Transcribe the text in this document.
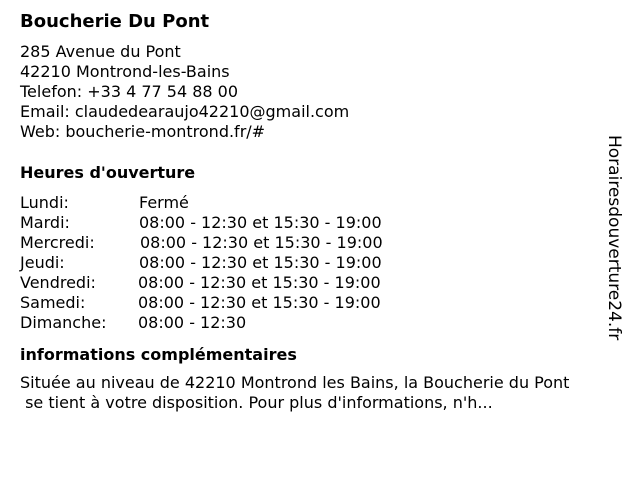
Boucherie Du Pont
285 Avenue du Pont
42210 Montrond-les-Bains
Telefon: +33 4 77 54 88 00
Email: claudedearaujo42210@gmail.com
Web: boucherie-montrond.fr/#
Heures d'ouverture
Lundi:	Fermé
Mardi:	08:00 - 12:30 et 15:30 - 19:00
Mercredi:	08:00 - 12:30 et 15:30 - 19:00
Jeudi:	08:00 - 12:30 et 15:30 - 19:00
Vendredi:	08:00 - 12:30 et 15:30 - 19:00
Samedi:	08:00 - 12:30 et 15:30 - 19:00
Dimanche: 08:00 - 12:30
informations complémentaires
Située au niveau de 42210 Montrond les Bains, la Boucherie du Pont
se tient à votre disposition. Pour plus d'informations, n'h...
Horairesdouverture24.fr
